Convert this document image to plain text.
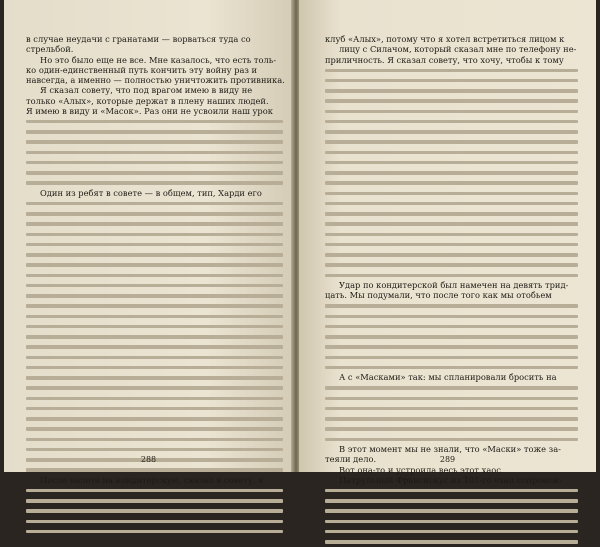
в случае неудачи с гранатами — ворваться туда со
стрельбой.
Но это было еще не все. Мне казалось, что есть толь-
ко один-единственный путь кончить эту войну раз и
навсегда, а именно — полностью уничтожить противника.
Я сказал совету, что под врагом имею в виду не
только «Алых», которые держат в плену наших людей.
Я имею в виду и «Масок». Раз они не усвоили наш урок
Один из ребят в совете — в общем, тип, Харди его
После налета на кондитерскую, сказал я совету, я
288
клуб «Алых», потому что я хотел встретиться лицом к
лицу с Силачом, который сказал мне по телефону не-
приличность. Я сказал совету, что хочу, чтобы к тому
Удар по кондитерской был намечен на девять трид-
цать. Мы подумали, что после того как мы отобьем
А с «Масками» так: мы спланировали бросить на
В этот момент мы не знали, что «Маски» тоже за-
теяли дело.
Вот она-то и устроила весь этот хаос.
Патрульный Франсискус из 101-го ехал сопровож-
289
